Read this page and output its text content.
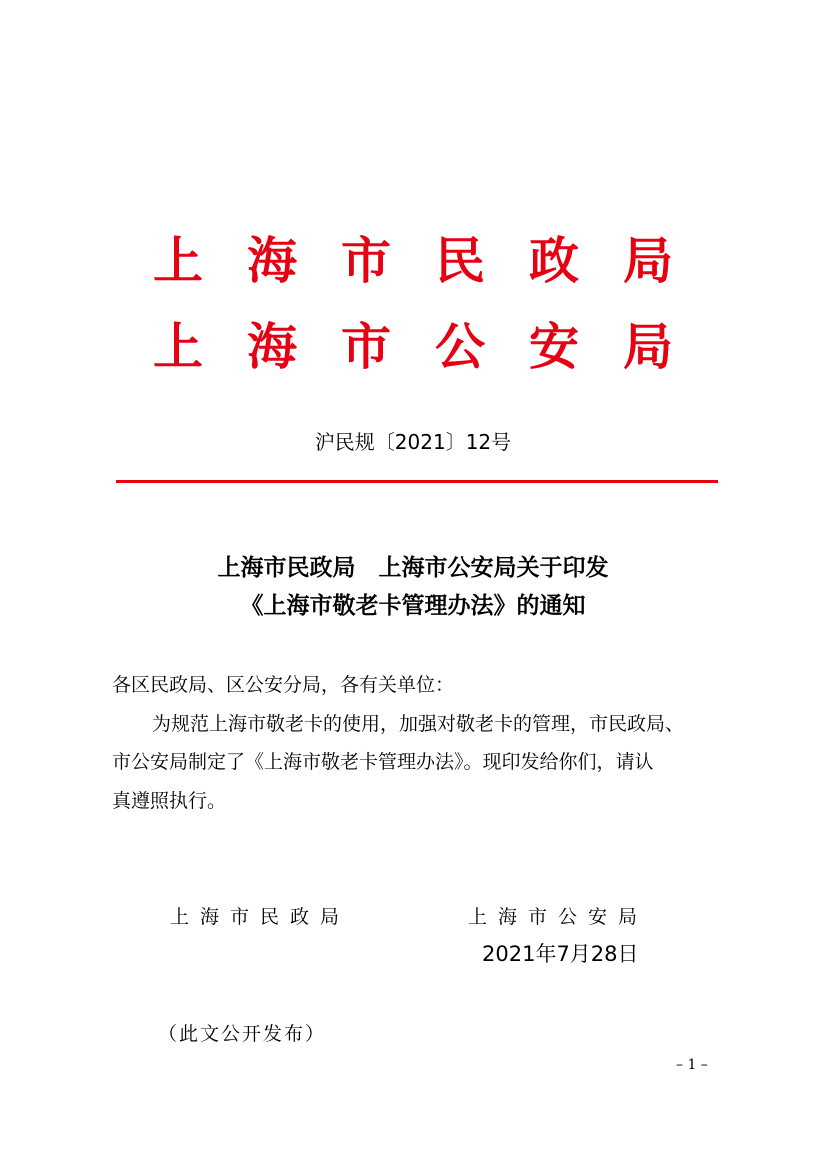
上海市民政局
上海市公安局
沪民规〔2021〕12号
上海市民政局　上海市公安局关于印发
《上海市敬老卡管理办法》的通知
各区民政局、区公安分局，各有关单位：
为规范上海市敬老卡的使用，加强对敬老卡的管理，市民政局、
市公安局制定了《上海市敬老卡管理办法》。现印发给你们，请认
真遵照执行。
上海市民政局	上海市公安局
2021年7月28日
（此文公开发布）
– 1 –
